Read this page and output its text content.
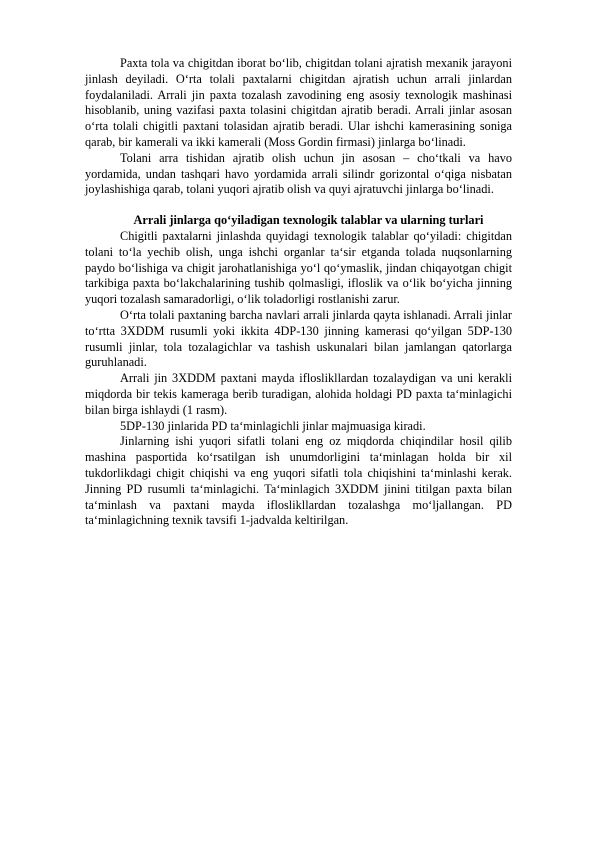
Paxta tola va chigitdan iborat bo‘lib, chigitdan tolani ajratish mexanik jarayoni jinlash deyiladi. O‘rta tolali paxtalarni chigitdan ajratish uchun arrali jinlardan foydalaniladi. Arrali jin paxta tozalash zavodining eng asosiy texnologik mashinasi hisoblanib, uning vazifasi paxta tolasini chigitdan ajratib beradi. Arrali jinlar asosan o‘rta tolali chigitli paxtani tolasidan ajratib beradi. Ular ishchi kamerasining soniga qarab, bir kamerali va ikki kamerali (Moss Gordin firmasi) jinlarga bo‘linadi.

Tolani arra tishidan ajratib olish uchun jin asosan – cho‘tkali va havo yordamida, undan tashqari havo yordamida arrali silindr gorizontal o‘qiga nisbatan joylashishiga qarab, tolani yuqori ajratib olish va quyi ajratuvchi jinlarga bo‘linadi.

Arrali jinlarga qo‘yiladigan texnologik talablar va ularning turlari

Chigitli paxtalarni jinlashda quyidagi texnologik talablar qo‘yiladi: chigitdan tolani to‘la yechib olish, unga ishchi organlar ta‘sir etganda tolada nuqsonlarning paydo bo‘lishiga va chigit jarohatlanishiga yo‘l qo‘ymaslik, jindan chiqayotgan chigit tarkibiga paxta bo‘lakchalarining tushib qolmasligi, ifloslik va o‘lik bo‘yicha jinning yuqori tozalash samaradorligi, o‘lik toladorligi rostlanishi zarur.

O‘rta tolali paxtaning barcha navlari arrali jinlarda qayta ishlanadi. Arrali jinlar to‘rtta 3XDDM rusumli yoki ikkita 4DP-130 jinning kamerasi qo‘yilgan 5DP-130 rusumli jinlar, tola tozalagichlar va tashish uskunalari bilan jamlangan qatorlarga guruhlanadi.

Arrali jin 3XDDM paxtani mayda ifloslikllardan tozalaydigan va uni kerakli miqdorda bir tekis kameraga berib turadigan, alohida holdagi PD paxta ta‘minlagichi bilan birga ishlaydi (1 rasm).

5DP-130 jinlarida PD ta‘minlagichli jinlar majmuasiga kiradi.

Jinlarning ishi yuqori sifatli tolani eng oz miqdorda chiqindilar hosil qilib mashina pasportida ko‘rsatilgan ish unumdorligini ta‘minlagan holda bir xil tukdorlikdagi chigit chiqishi va eng yuqori sifatli tola chiqishini ta‘minlashi kerak. Jinning PD rusumli ta‘minlagichi. Ta‘minlagich 3XDDM jinini titilgan paxta bilan ta‘minlash va paxtani mayda ifloslikllardan tozalashga mo‘ljallangan. PD ta‘minlagichning texnik tavsifi 1-jadvalda keltirilgan.
